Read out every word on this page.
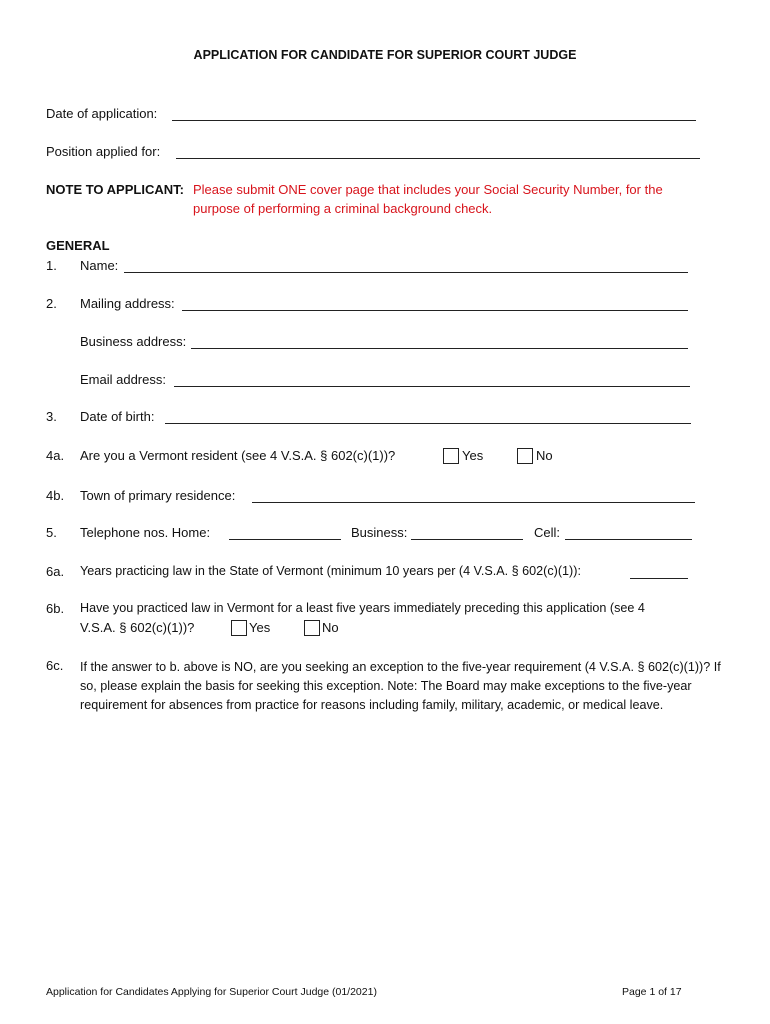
APPLICATION FOR CANDIDATE FOR SUPERIOR COURT JUDGE
Date of application:
Position applied for:
NOTE TO APPLICANT: Please submit ONE cover page that includes your Social Security Number, for the
purpose of performing a criminal background check.
GENERAL
1. Name:
2. Mailing address:
Business address:
Email address:
3. Date of birth:
4a. Are you a Vermont resident (see 4 V.S.A. § 602(c)(1))?	Yes	No
4b. Town of primary residence:
5. Telephone nos. Home:	Business:	Cell:
6a. Years practicing law in the State of Vermont (minimum 10 years per (4 V.S.A. § 602(c)(1)):
6b. Have you practiced law in Vermont for a least five years immediately preceding this application (see 4
V.S.A. § 602(c)(1))?	Yes	No
6c. If the answer to b. above is NO, are you seeking an exception to the five-year requirement (4 V.S.A. § 602(c)(1))? If so, please explain the basis for seeking this exception. Note: The Board may make exceptions to the five-year requirement for absences from practice for reasons including family, military, academic, or medical leave.
Application for Candidates Applying for Superior Court Judge (01/2021)	Page 1 of 17
